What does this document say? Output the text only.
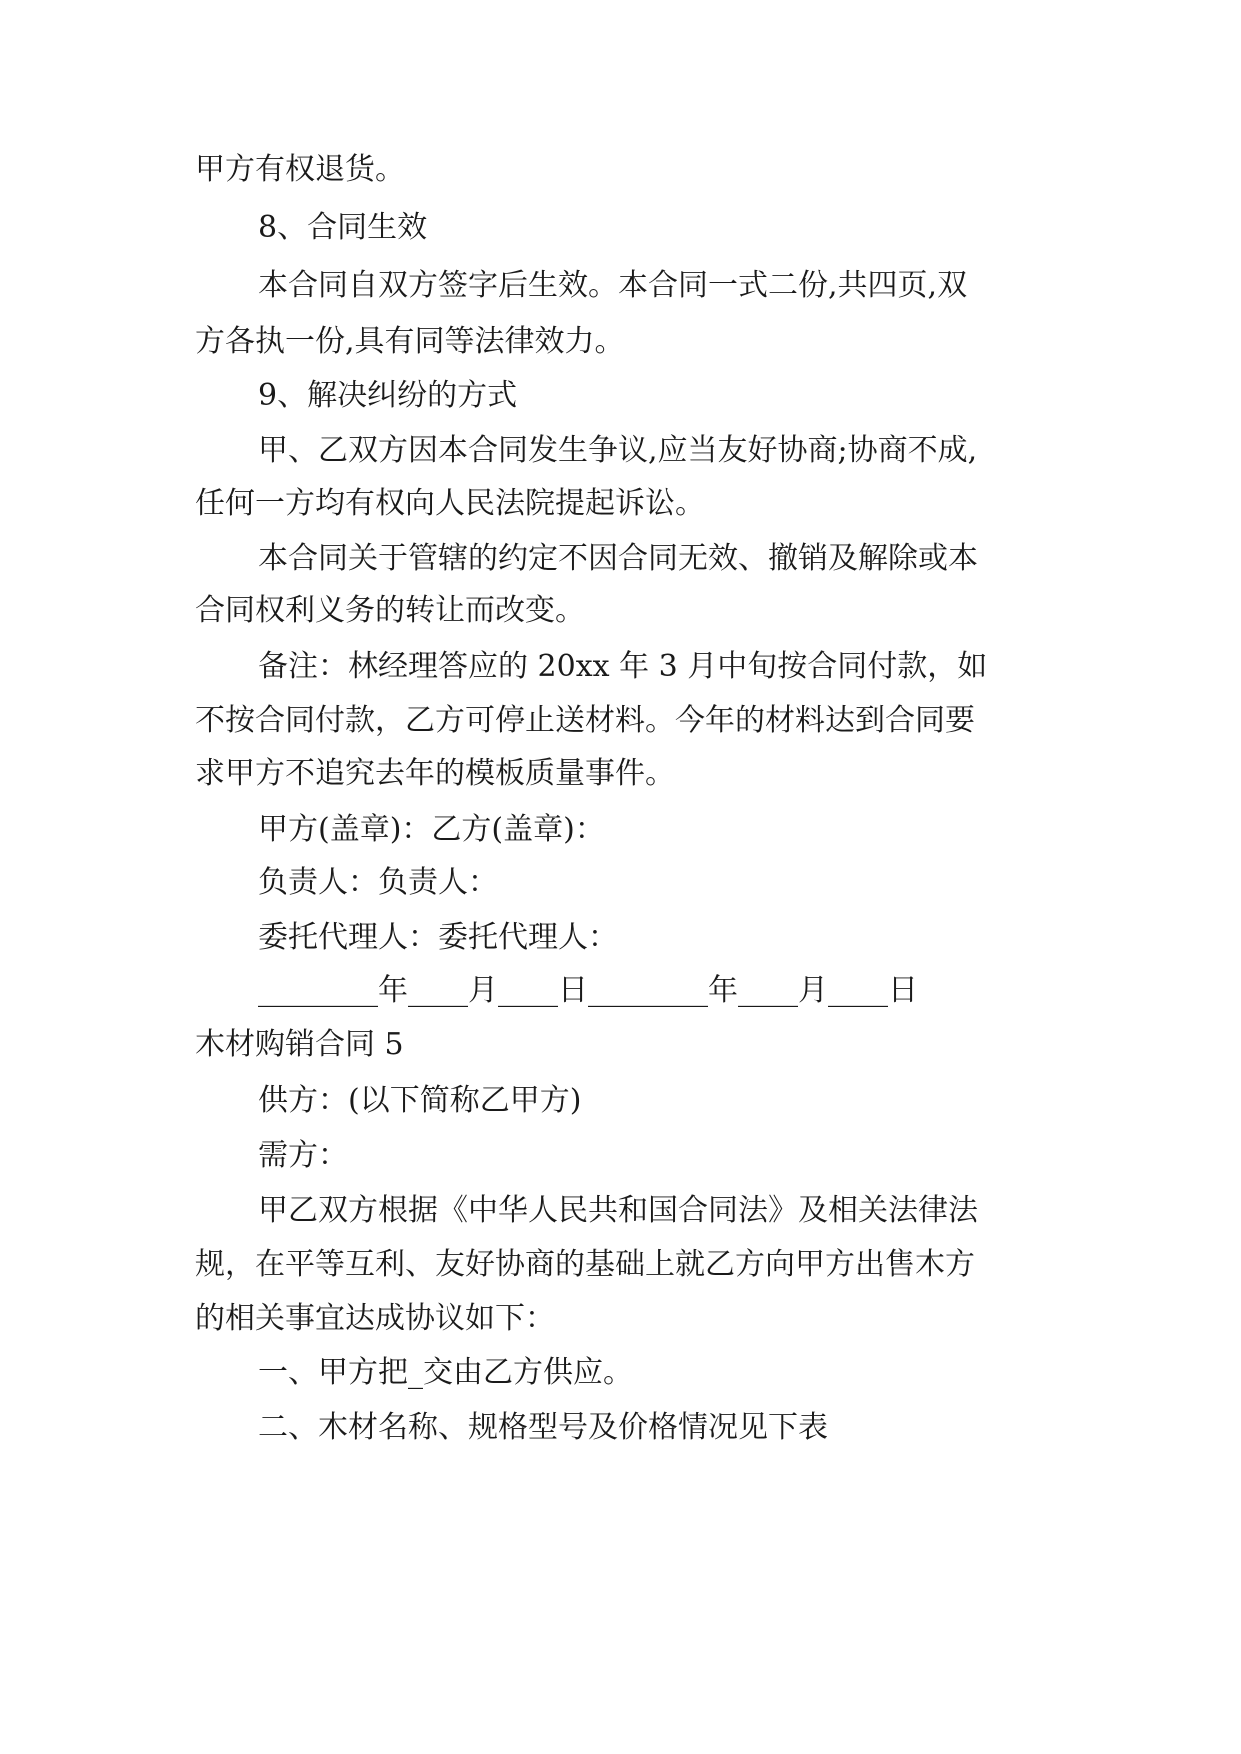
甲方有权退货。
8、合同生效
本合同自双方签字后生效。本合同一式二份,共四页,双
方各执一份,具有同等法律效力。
9、解决纠纷的方式
甲、乙双方因本合同发生争议,应当友好协商;协商不成,
任何一方均有权向人民法院提起诉讼。
本合同关于管辖的约定不因合同无效、撤销及解除或本
合同权利义务的转让而改变。
备注：林经理答应的 20xx 年 3 月中旬按合同付款，如
不按合同付款，乙方可停止送材料。今年的材料达到合同要
求甲方不追究去年的模板质量事件。
甲方(盖章)：乙方(盖章)：
负责人：负责人：
委托代理人：委托代理人：
________年____月____日________年____月____日
木材购销合同 5
供方：(以下简称乙甲方)
需方：
甲乙双方根据《中华人民共和国合同法》及相关法律法
规，在平等互利、友好协商的基础上就乙方向甲方出售木方
的相关事宜达成协议如下：
一、甲方把_交由乙方供应。
二、木材名称、规格型号及价格情况见下表
